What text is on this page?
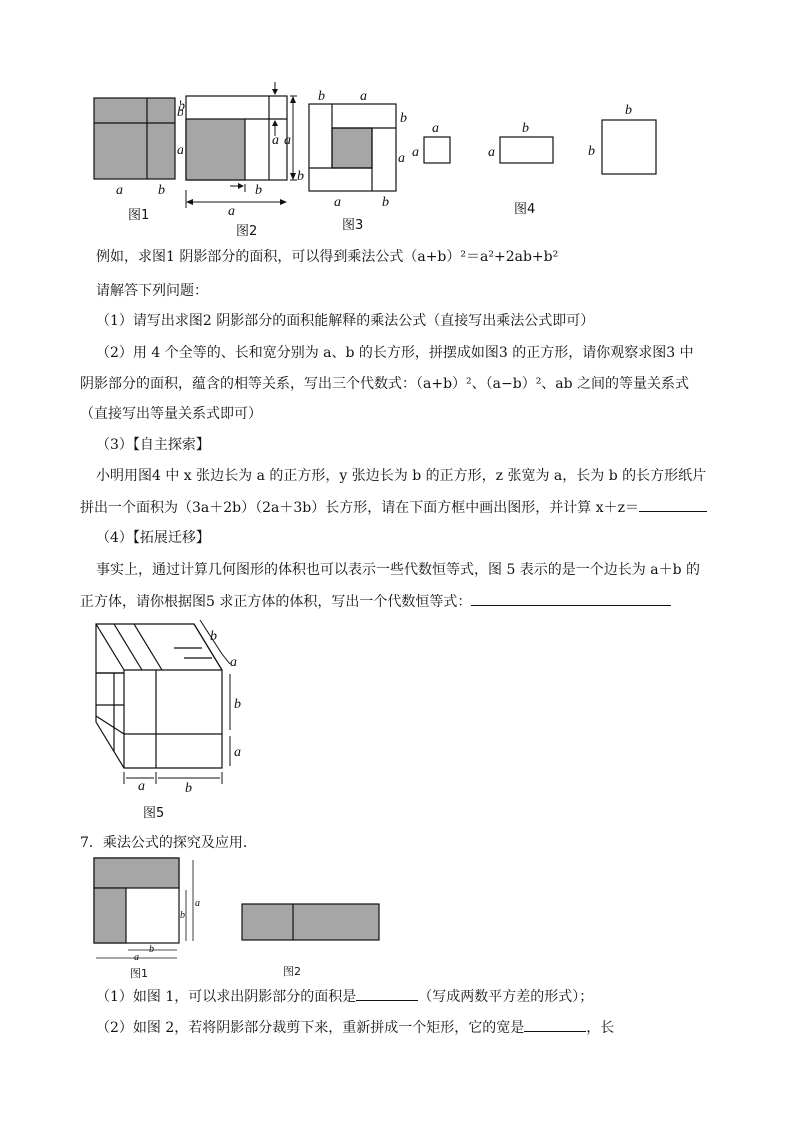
a	b
图1
a a
b
b
a
图2
b	a
b
a
a	b
图3
a
a
b
a
b
b
图4
例如，求图1 阴影部分的面积，可以得到乘法公式（a+b）²＝a²+2ab+b²
请解答下列问题：
（1）请写出求图2 阴影部分的面积能解释的乘法公式（直接写出乘法公式即可）
（2）用 4 个全等的、长和宽分别为 a、b 的长方形，拼摆成如图3 的正方形，请你观察求图3 中
阴影部分的面积，蕴含的相等关系，写出三个代数式：（a+b）²、（a−b）²、ab 之间的等量关系式
（直接写出等量关系式即可）
（3）【自主探索】
小明用图4 中 x 张边长为 a 的正方形，y 张边长为 b 的正方形，z 张宽为 a，长为 b 的长方形纸片
拼出一个面积为（3a＋2b）（2a＋3b）长方形，请在下面方框中画出图形，并计算 x＋z＝
（4）【拓展迁移】
事实上，通过计算几何图形的体积也可以表示一些代数恒等式，图 5 表示的是一个边长为 a＋b 的
正方体，请你根据图5 求正方体的体积，写出一个代数恒等式：
b
a
b
a
a	b
图5
7．乘法公式的探究及应用．
a
b
b
a
图1	图2
（1）如图 1，可以求出阴影部分的面积是	（写成两数平方差的形式）；
（2）如图 2，若将阴影部分裁剪下来，重新拼成一个矩形，它的宽是	，长
